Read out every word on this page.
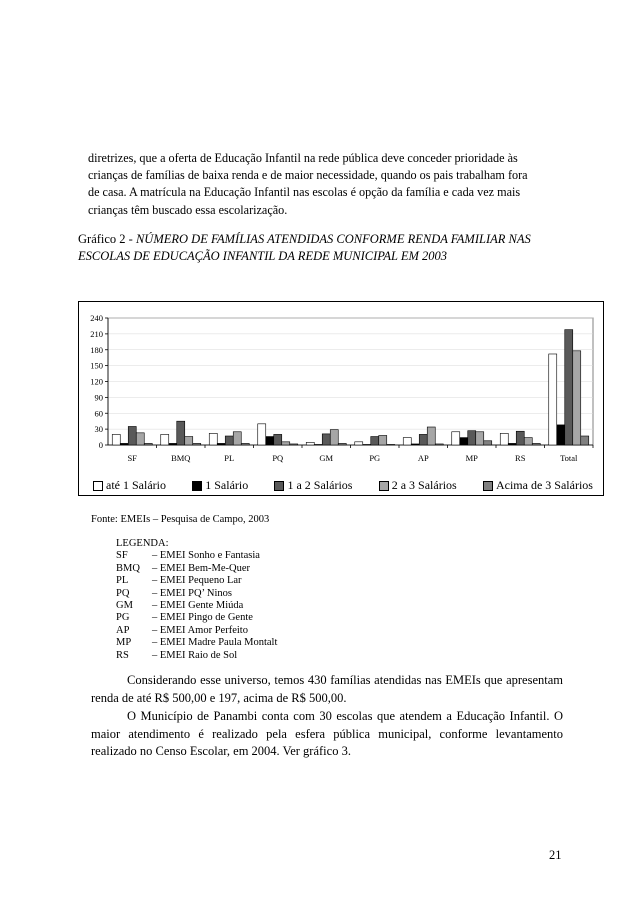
diretrizes, que a oferta de Educação Infantil na rede pública deve conceder prioridade às
crianças de famílias de baixa renda e de maior necessidade, quando os pais trabalham fora
de casa. A matrícula na Educação Infantil nas escolas é opção da família e cada vez mais
crianças têm buscado essa escolarização.
Gráfico 2 - NÚMERO DE FAMÍLIAS ATENDIDAS CONFORME RENDA FAMILIAR NAS
ESCOLAS DE EDUCAÇÃO INFANTIL DA REDE MUNICIPAL EM 2003
0
30
60
90
120
150
180
210
240
SF	BMQ	PL	PQ	GM	PG	AP	MP	RS	Total
até 1 Salário	1 Salário	1 a 2 Salários	2 a 3 Salários	Acima de 3 Salários
Fonte: EMEIs – Pesquisa de Campo, 2003
LEGENDA:
SF	– EMEI Sonho e Fantasia
BMQ	– EMEI Bem-Me-Quer
PL	– EMEI Pequeno Lar
PQ	– EMEI PQ’ Ninos
GM	– EMEI Gente Miúda
PG	– EMEI Pingo de Gente
AP	– EMEI Amor Perfeito
MP	– EMEI Madre Paula Montalt
RS	– EMEI Raio de Sol
Considerando esse universo, temos 430 famílias atendidas nas EMEIs que apresentam renda de até R$ 500,00 e 197, acima de R$ 500,00.
O Município de Panambi conta com 30 escolas que atendem a Educação Infantil. O maior atendimento é realizado pela esfera pública municipal, conforme levantamento realizado no Censo Escolar, em 2004. Ver gráfico 3.
21
